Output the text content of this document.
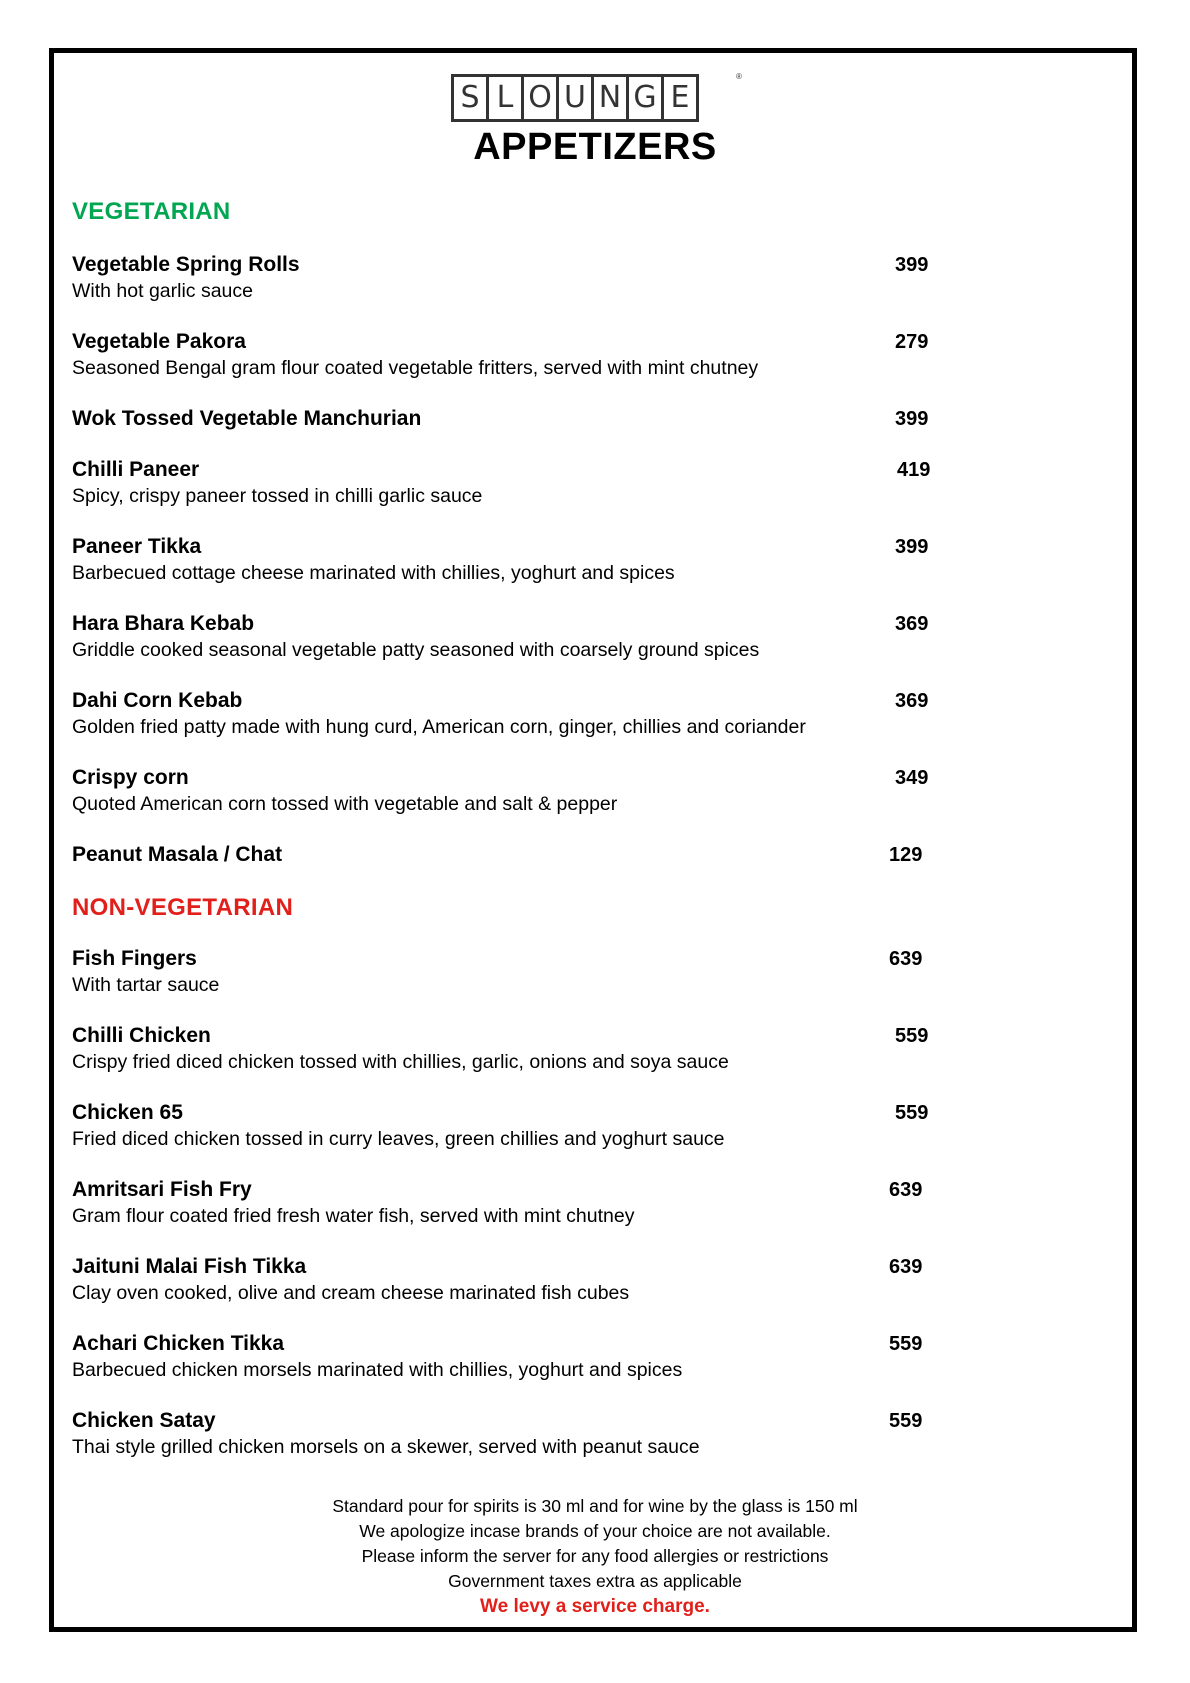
S L O U N G E
®
APPETIZERS
VEGETARIAN
Vegetable Spring Rolls	399
With hot garlic sauce
Vegetable Pakora	279
Seasoned Bengal gram flour coated vegetable fritters, served with mint chutney
Wok Tossed Vegetable Manchurian	399
Chilli Paneer	419
Spicy, crispy paneer tossed in chilli garlic sauce
Paneer Tikka	399
Barbecued cottage cheese marinated with chillies, yoghurt and spices
Hara Bhara Kebab	369
Griddle cooked seasonal vegetable patty seasoned with coarsely ground spices
Dahi Corn Kebab	369
Golden fried patty made with hung curd, American corn, ginger, chillies and coriander
Crispy corn	349
Quoted American corn tossed with vegetable and salt & pepper
Peanut Masala / Chat	129
NON-VEGETARIAN
Fish Fingers	639
With tartar sauce
Chilli Chicken	559
Crispy fried diced chicken tossed with chillies, garlic, onions and soya sauce
Chicken 65	559
Fried diced chicken tossed in curry leaves, green chillies and yoghurt sauce
Amritsari Fish Fry	639
Gram flour coated fried fresh water fish, served with mint chutney
Jaituni Malai Fish Tikka	639
Clay oven cooked, olive and cream cheese marinated fish cubes
Achari Chicken Tikka	559
Barbecued chicken morsels marinated with chillies, yoghurt and spices
Chicken Satay	559
Thai style grilled chicken morsels on a skewer, served with peanut sauce
Standard pour for spirits is 30 ml and for wine by the glass is 150 ml
We apologize incase brands of your choice are not available.
Please inform the server for any food allergies or restrictions
Government taxes extra as applicable
We levy a service charge.
